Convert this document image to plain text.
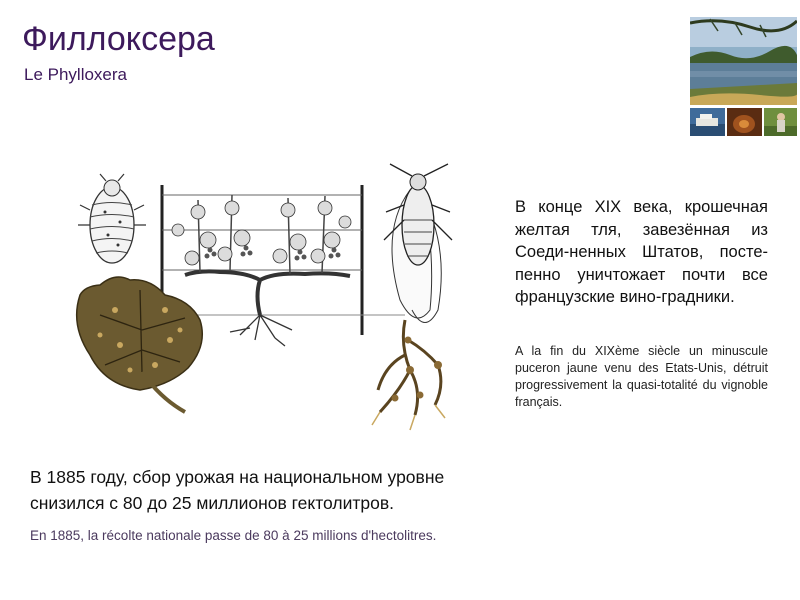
Филлоксера

Le Phylloxera

В конце XIX века, крошечная желтая тля, завезённая из Соеди-ненных Штатов, посте-пенно уничтожает почти все французские вино-градники.

A la fin du XIXème siècle un minuscule puceron jaune venu des Etats-Unis, détruit progressivement la quasi-totalité du vignoble français.

В 1885 году, сбор урожая на национальном уровне снизился с 80 до 25 миллионов гектолитров.

En 1885, la récolte nationale passe de 80 à 25 millions d'hectolitres.
